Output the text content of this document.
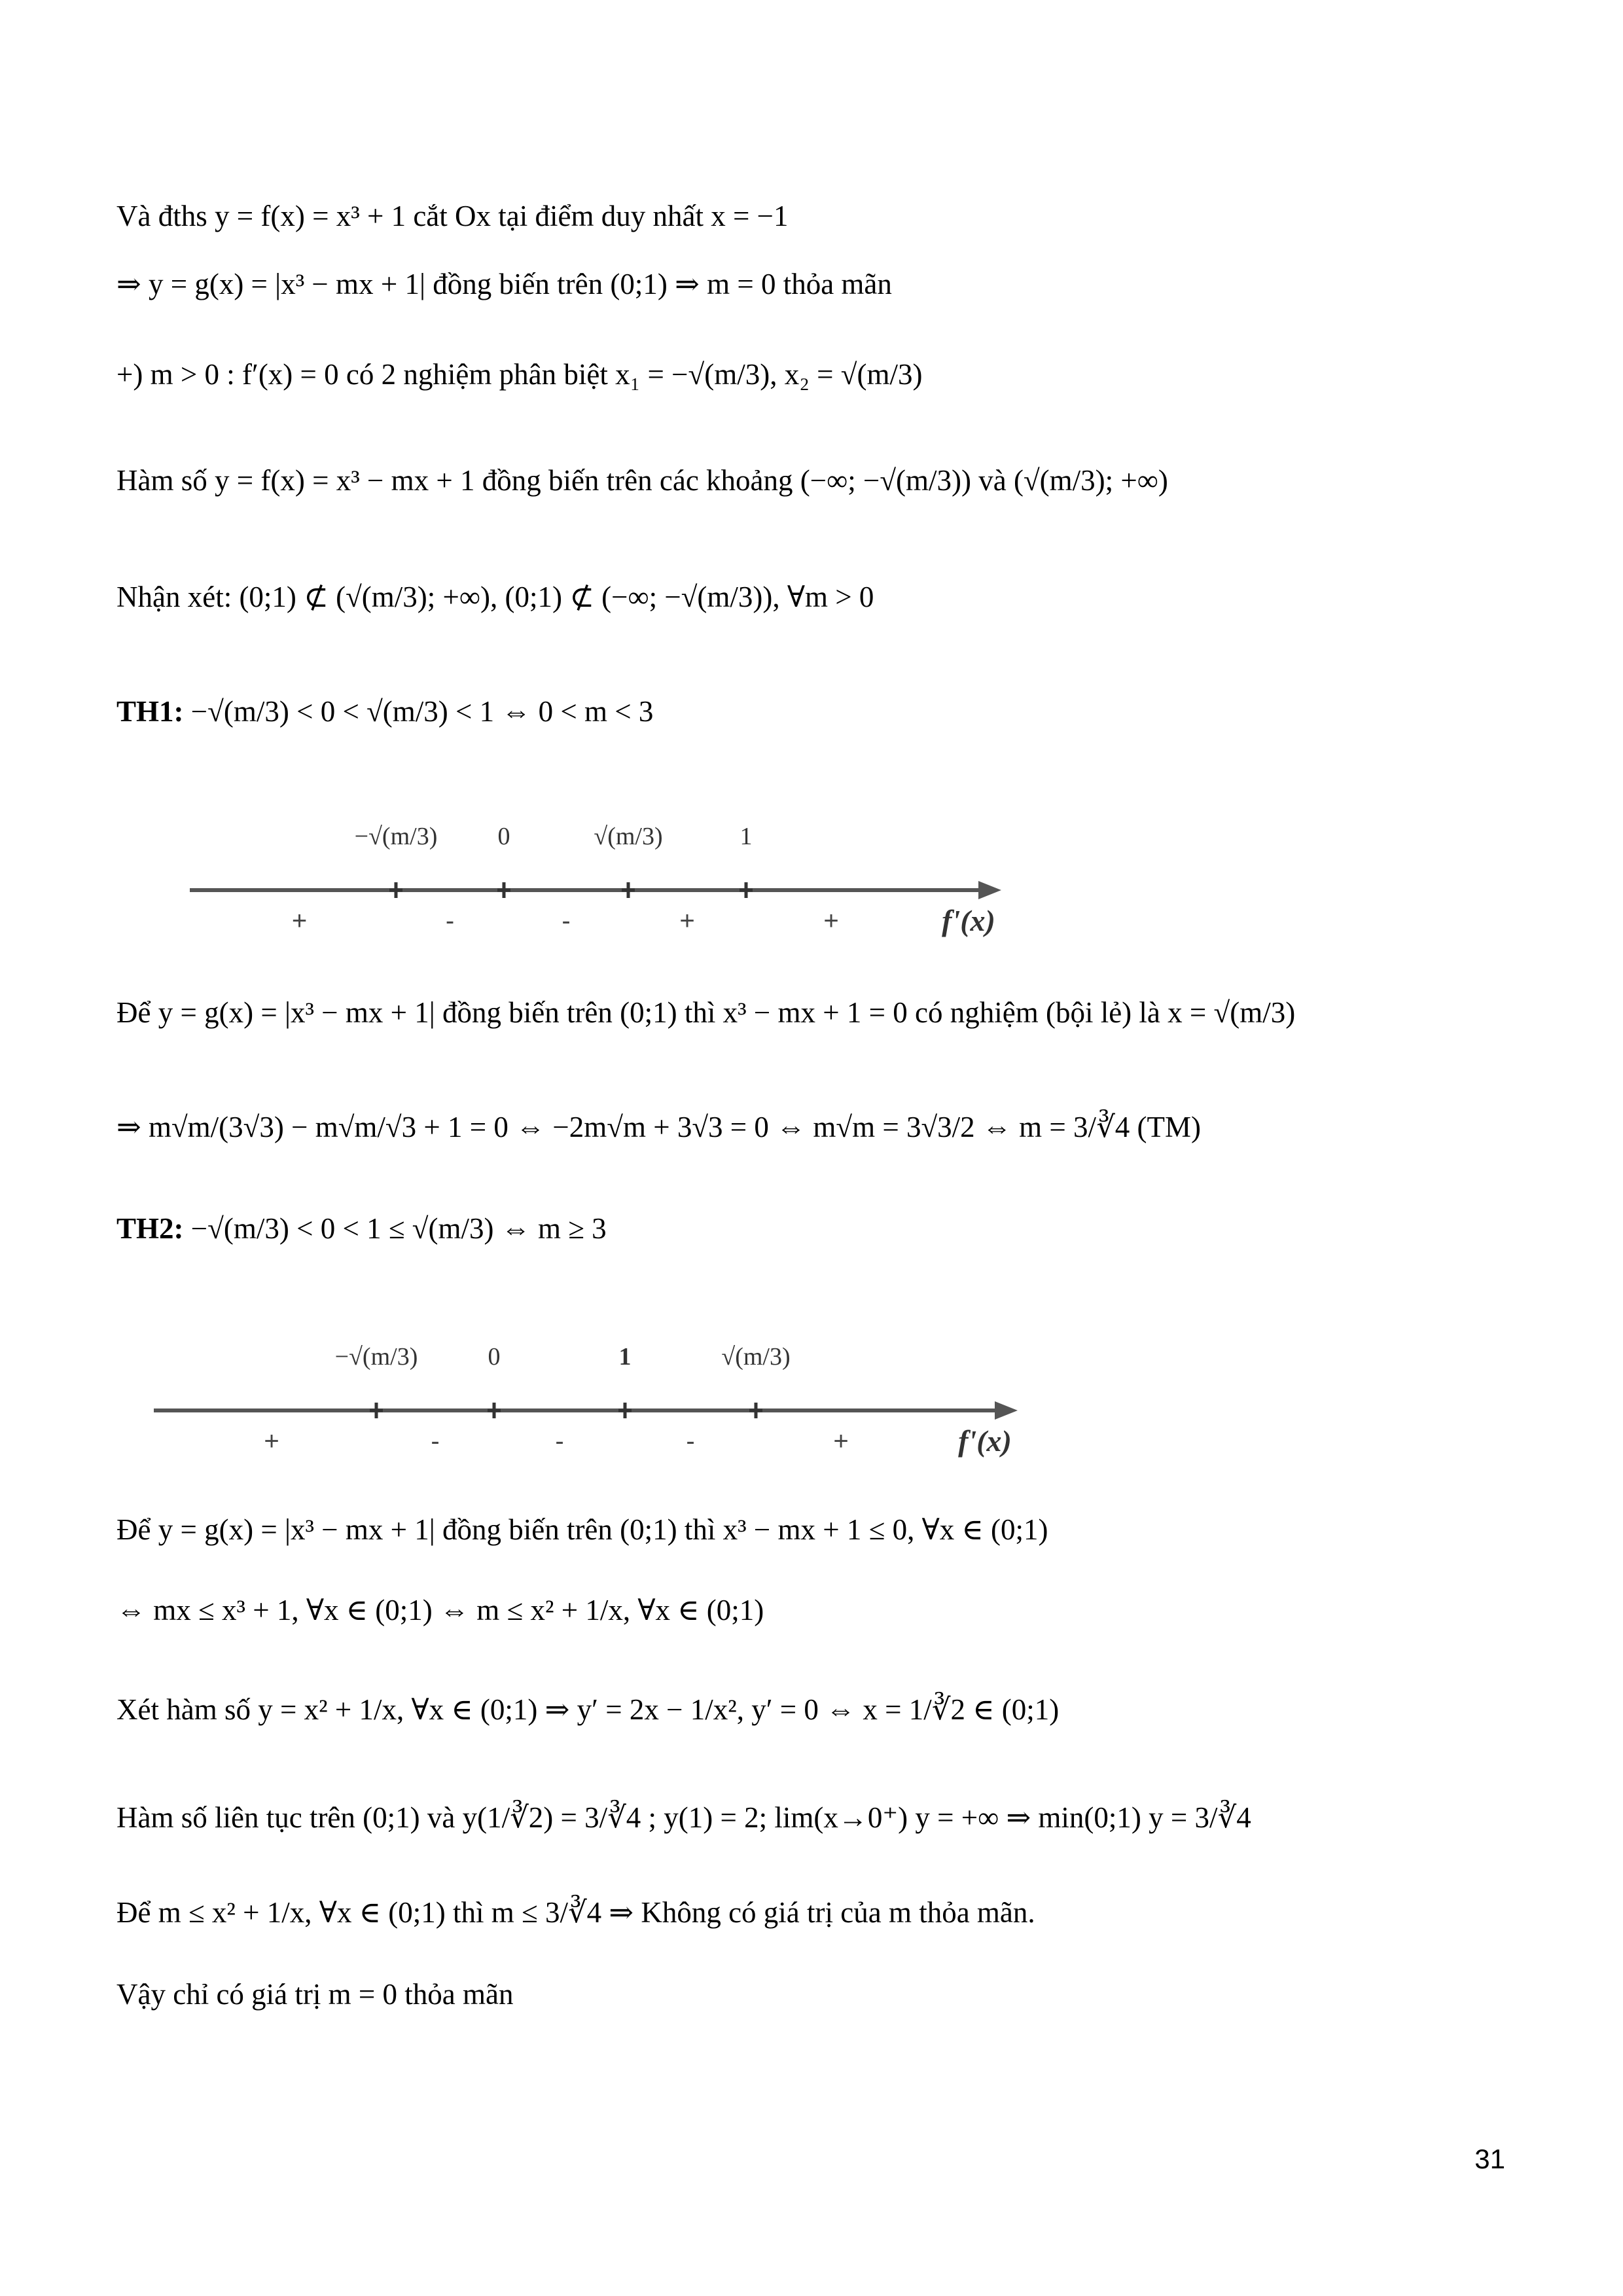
Và đths y = f(x) = x³ + 1 cắt Ox tại điểm duy nhất x = −1
⇒ y = g(x) = |x³ − mx + 1| đồng biến trên (0;1) ⇒ m = 0 thỏa mãn
+) m > 0 : f′(x) = 0 có 2 nghiệm phân biệt x₁ = −√(m/3), x₂ = √(m/3)
Hàm số y = f(x) = x³ − mx + 1 đồng biến trên các khoảng (−∞; −√(m/3)) và (√(m/3); +∞)
Nhận xét: (0;1) ⊄ (√(m/3); +∞), (0;1) ⊄ (−∞; −√(m/3)), ∀m > 0
TH1: −√(m/3) < 0 < √(m/3) < 1 ⇔ 0 < m < 3
−√(m/3) 0	√(m/3)	1
+	-	-	+	+	f'(x)
−√(m/3)	0	1	√(m/3)
+	-	-	-	+	f'(x)
Để y = g(x) = |x³ − mx + 1| đồng biến trên (0;1) thì x³ − mx + 1 = 0 có nghiệm (bội lẻ) là x = √(m/3)
⇒ m√m/(3√3) − m√m/√3 + 1 = 0 ⇔ −2m√m + 3√3 = 0 ⇔ m√m = 3√3/2 ⇔ m = 3/∛4 (TM)
TH2: −√(m/3) < 0 < 1 ≤ √(m/3) ⇔ m ≥ 3
Để y = g(x) = |x³ − mx + 1| đồng biến trên (0;1) thì x³ − mx + 1 ≤ 0, ∀x ∈ (0;1)
⇔ mx ≤ x³ + 1, ∀x ∈ (0;1) ⇔ m ≤ x² + 1/x, ∀x ∈ (0;1)
Xét hàm số y = x² + 1/x, ∀x ∈ (0;1) ⇒ y′ = 2x − 1/x², y′ = 0 ⇔ x = 1/∛2 ∈ (0;1)
Hàm số liên tục trên (0;1) và y(1/∛2) = 3/∛4 ; y(1) = 2; lim(x→0⁺) y = +∞ ⇒ min(0;1) y = 3/∛4
Để m ≤ x² + 1/x, ∀x ∈ (0;1) thì m ≤ 3/∛4 ⇒ Không có giá trị của m thỏa mãn.
Vậy chỉ có giá trị m = 0 thỏa mãn
31
